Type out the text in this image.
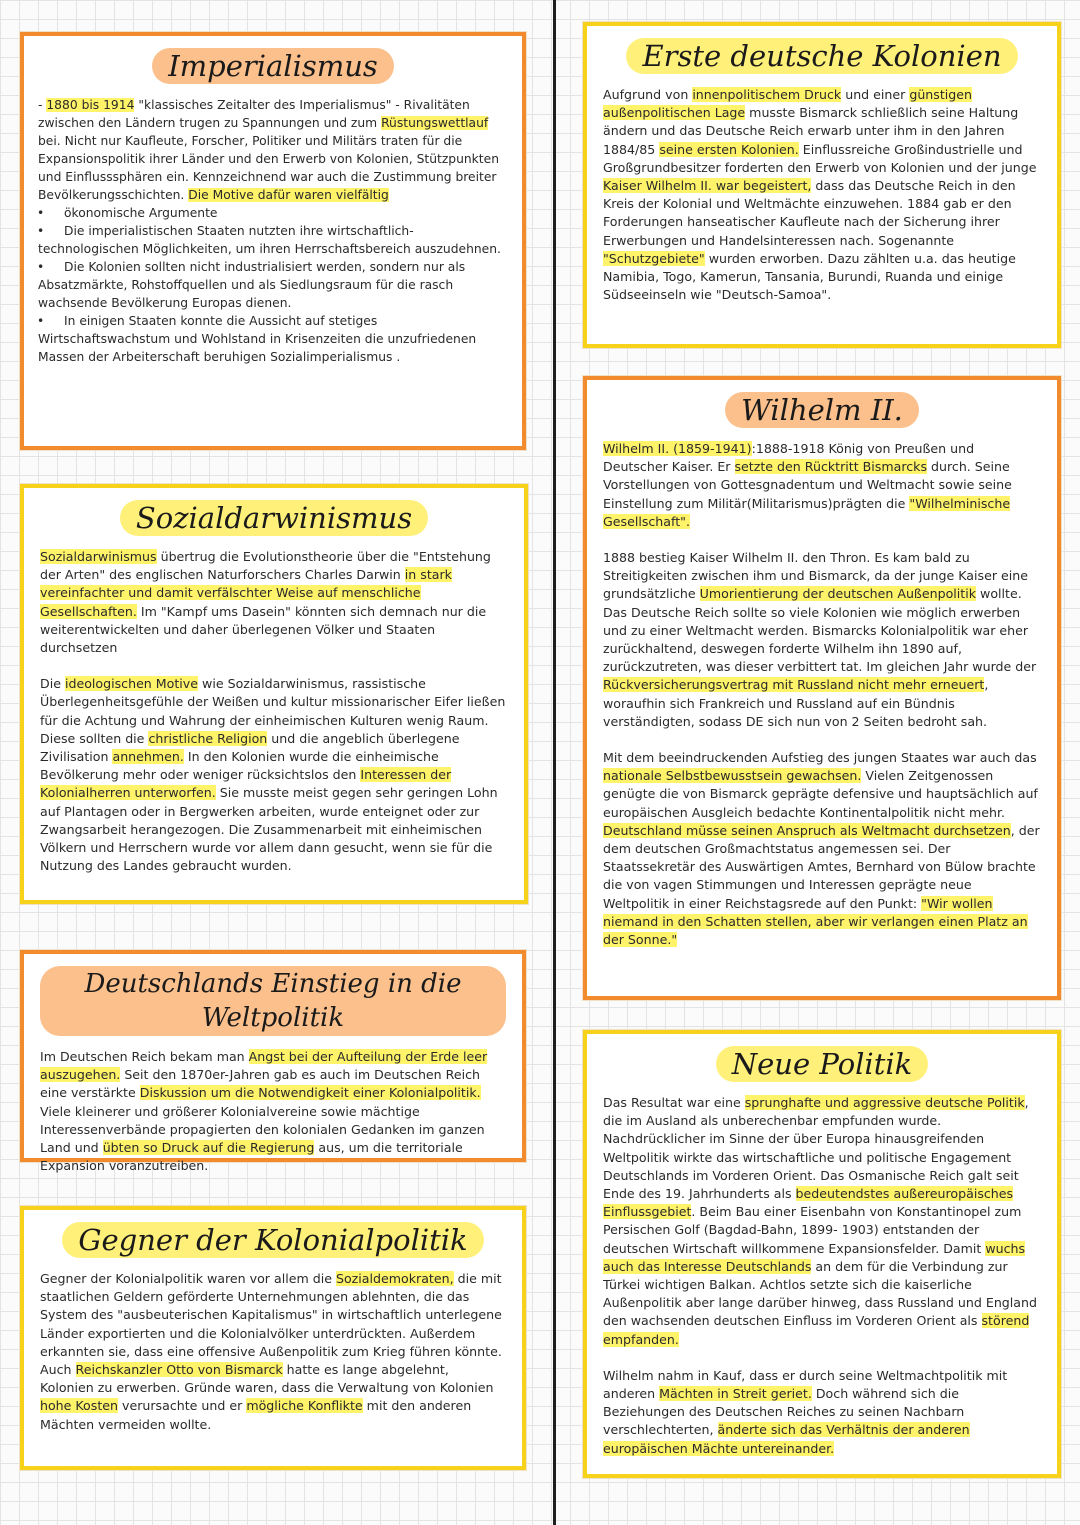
Imperialismus

- 1880 bis 1914 "klassisches Zeitalter des Imperialismus" - Rivalitäten zwischen den Ländern trugen zu Spannungen und zum Rüstungswettlauf bei. Nicht nur Kaufleute, Forscher, Politiker und Militärs traten für die Expansionspolitik ihrer Länder und den Erwerb von Kolonien, Stützpunkten und Einflusssphären ein. Kennzeichnend war auch die Zustimmung breiter Bevölkerungsschichten. Die Motive dafür waren vielfältig

• ökonomische Argumente
• Die imperialistischen Staaten nutzten ihre wirtschaftlich-technologischen Möglichkeiten, um ihren Herrschaftsbereich auszudehnen.
• Die Kolonien sollten nicht industrialisiert werden, sondern nur als Absatzmärkte, Rohstoffquellen und als Siedlungsraum für die rasch wachsende Bevölkerung Europas dienen.
• In einigen Staaten konnte die Aussicht auf stetiges Wirtschaftswachstum und Wohlstand in Krisenzeiten die unzufriedenen Massen der Arbeiterschaft beruhigen Sozialimperialismus .
Sozialdarwinismus

Sozialdarwinismus übertrug die Evolutionstheorie über die "Entstehung der Arten" des englischen Naturforschers Charles Darwin in stark vereinfachter und damit verfälschter Weise auf menschliche Gesellschaften. Im "Kampf ums Dasein" könnten sich demnach nur die weiterentwickelten und daher überlegenen Völker und Staaten durchsetzen

Die ideologischen Motive wie Sozialdarwinismus, rassistische Überlegenheitsgefühle der Weißen und kultur missionarischer Eifer ließen für die Achtung und Wahrung der einheimischen Kulturen wenig Raum. Diese sollten die christliche Religion und die angeblich überlegene Zivilisation annehmen. In den Kolonien wurde die einheimische Bevölkerung mehr oder weniger rücksichtslos den Interessen der Kolonialherren unterworfen. Sie musste meist gegen sehr geringen Lohn auf Plantagen oder in Bergwerken arbeiten, wurde enteignet oder zur Zwangsarbeit herangezogen. Die Zusammenarbeit mit einheimischen Völkern und Herrschern wurde vor allem dann gesucht, wenn sie für die Nutzung des Landes gebraucht wurden.

Deutschlands Einstieg in die Weltpolitik

Im Deutschen Reich bekam man Angst bei der Aufteilung der Erde leer auszugehen. Seit den 1870er-Jahren gab es auch im Deutschen Reich eine verstärkte Diskussion um die Notwendigkeit einer Kolonialpolitik. Viele kleinerer und größerer Kolonialvereine sowie mächtige Interessenverbände propagierten den kolonialen Gedanken im ganzen Land und übten so Druck auf die Regierung aus, um die territoriale Expansion voranzutreiben.

Gegner der Kolonialpolitik

Gegner der Kolonialpolitik waren vor allem die Sozialdemokraten, die mit staatlichen Geldern geförderte Unternehmungen ablehnten, die das System des "ausbeuterischen Kapitalismus" in wirtschaftlich unterlegene Länder exportierten und die Kolonialvölker unterdrückten. Außerdem erkannten sie, dass eine offensive Außenpolitik zum Krieg führen könnte. Auch Reichskanzler Otto von Bismarck hatte es lange abgelehnt, Kolonien zu erwerben. Gründe waren, dass die Verwaltung von Kolonien hohe Kosten verursachte und er mögliche Konflikte mit den anderen Mächten vermeiden wollte.

Erste deutsche Kolonien

Aufgrund von innenpolitischem Druck und einer günstigen außenpolitischen Lage musste Bismarck schließlich seine Haltung ändern und das Deutsche Reich erwarb unter ihm in den Jahren 1884/85 seine ersten Kolonien. Einflussreiche Großindustrielle und Großgrundbesitzer forderten den Erwerb von Kolonien und der junge Kaiser Wilhelm II. war begeistert, dass das Deutsche Reich in den Kreis der Kolonial und Weltmächte einzuwehen. 1884 gab er den Forderungen hanseatischer Kaufleute nach der Sicherung ihrer Erwerbungen und Handelsinteressen nach. Sogenannte "Schutzgebiete" wurden erworben. Dazu zählten u.a. das heutige Namibia, Togo, Kamerun, Tansania, Burundi, Ruanda und einige Südseeinseln wie "Deutsch-Samoa".

Wilhelm II.

Wilhelm II. (1859-1941):1888-1918 König von Preußen und Deutscher Kaiser. Er setzte den Rücktritt Bismarcks durch. Seine Vorstellungen von Gottesgnadentum und Weltmacht sowie seine Einstellung zum Militär(Militarismus)prägten die "Wilhelminische Gesellschaft".

1888 bestieg Kaiser Wilhelm II. den Thron. Es kam bald zu Streitigkeiten zwischen ihm und Bismarck, da der junge Kaiser eine grundsätzliche Umorientierung der deutschen Außenpolitik wollte. Das Deutsche Reich sollte so viele Kolonien wie möglich erwerben und zu einer Weltmacht werden. Bismarcks Kolonialpolitik war eher zurückhaltend, deswegen forderte Wilhelm ihn 1890 auf, zurückzutreten, was dieser verbittert tat. Im gleichen Jahr wurde der Rückversicherungsvertrag mit Russland nicht mehr erneuert, woraufhin sich Frankreich und Russland auf ein Bündnis verständigten, sodass DE sich nun von 2 Seiten bedroht sah.

Mit dem beeindruckenden Aufstieg des jungen Staates war auch das nationale Selbstbewusstsein gewachsen. Vielen Zeitgenossen genügte die von Bismarck geprägte defensive und hauptsächlich auf europäischen Ausgleich bedachte Kontinentalpolitik nicht mehr. Deutschland müsse seinen Anspruch als Weltmacht durchsetzen, der dem deutschen Großmachtstatus angemessen sei. Der Staatssekretär des Auswärtigen Amtes, Bernhard von Bülow brachte die von vagen Stimmungen und Interessen geprägte neue Weltpolitik in einer Reichstagsrede auf den Punkt: "Wir wollen niemand in den Schatten stellen, aber wir verlangen einen Platz an der Sonne."

Neue Politik

Das Resultat war eine sprunghafte und aggressive deutsche Politik, die im Ausland als unberechenbar empfunden wurde. Nachdrücklicher im Sinne der über Europa hinausgreifenden Weltpolitik wirkte das wirtschaftliche und politische Engagement Deutschlands im Vorderen Orient. Das Osmanische Reich galt seit Ende des 19. Jahrhunderts als bedeutendstes außereuropäisches Einflussgebiet. Beim Bau einer Eisenbahn von Konstantinopel zum Persischen Golf (Bagdad-Bahn, 1899- 1903) entstanden der deutschen Wirtschaft willkommene Expansionsfelder. Damit wuchs auch das Interesse Deutschlands an dem für die Verbindung zur Türkei wichtigen Balkan. Achtlos setzte sich die kaiserliche Außenpolitik aber lange darüber hinweg, dass Russland und England den wachsenden deutschen Einfluss im Vorderen Orient als störend empfanden.

Wilhelm nahm in Kauf, dass er durch seine Weltmachtpolitik mit anderen Mächten in Streit geriet. Doch während sich die Beziehungen des Deutschen Reiches zu seinen Nachbarn verschlechterten, änderte sich das Verhältnis der anderen europäischen Mächte untereinander.
